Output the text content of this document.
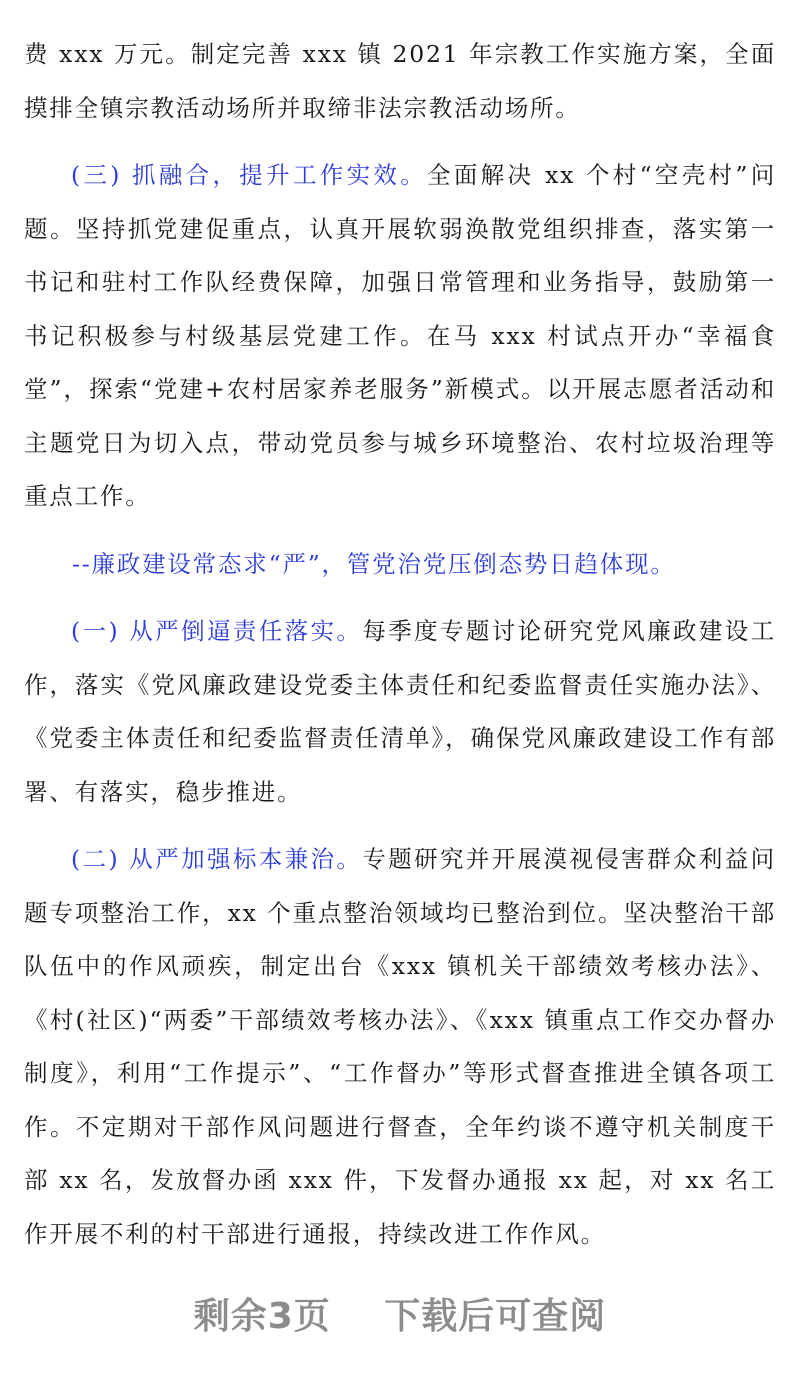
费 xxx 万元。制定完善 xxx 镇 2021 年宗教工作实施方案，全面摸排全镇宗教活动场所并取缔非法宗教活动场所。

(三) 抓融合，提升工作实效。全面解决 xx 个村“空壳村”问题。坚持抓党建促重点，认真开展软弱涣散党组织排查，落实第一书记和驻村工作队经费保障，加强日常管理和业务指导，鼓励第一书记积极参与村级基层党建工作。在马 xxx 村试点开办“幸福食堂”，探索“党建+农村居家养老服务”新模式。以开展志愿者活动和主题党日为切入点，带动党员参与城乡环境整治、农村垃圾治理等重点工作。

--廉政建设常态求“严”，管党治党压倒态势日趋体现。

(一) 从严倒逼责任落实。每季度专题讨论研究党风廉政建设工作，落实《党风廉政建设党委主体责任和纪委监督责任实施办法》、《党委主体责任和纪委监督责任清单》，确保党风廉政建设工作有部署、有落实，稳步推进。

(二) 从严加强标本兼治。专题研究并开展漠视侵害群众利益问题专项整治工作，xx 个重点整治领域均已整治到位。坚决整治干部队伍中的作风顽疾，制定出台《xxx 镇机关干部绩效考核办法》、《村(社区)“两委”干部绩效考核办法》、《xxx 镇重点工作交办督办制度》，利用“工作提示”、“工作督办”等形式督查推进全镇各项工作。不定期对干部作风问题进行督查，全年约谈不遵守机关制度干部 xx 名，发放督办函 xxx 件，下发督办通报 xx 起，对 xx 名工作开展不利的村干部进行通报，持续改进工作作风。

剩余3页 下载后可查阅
